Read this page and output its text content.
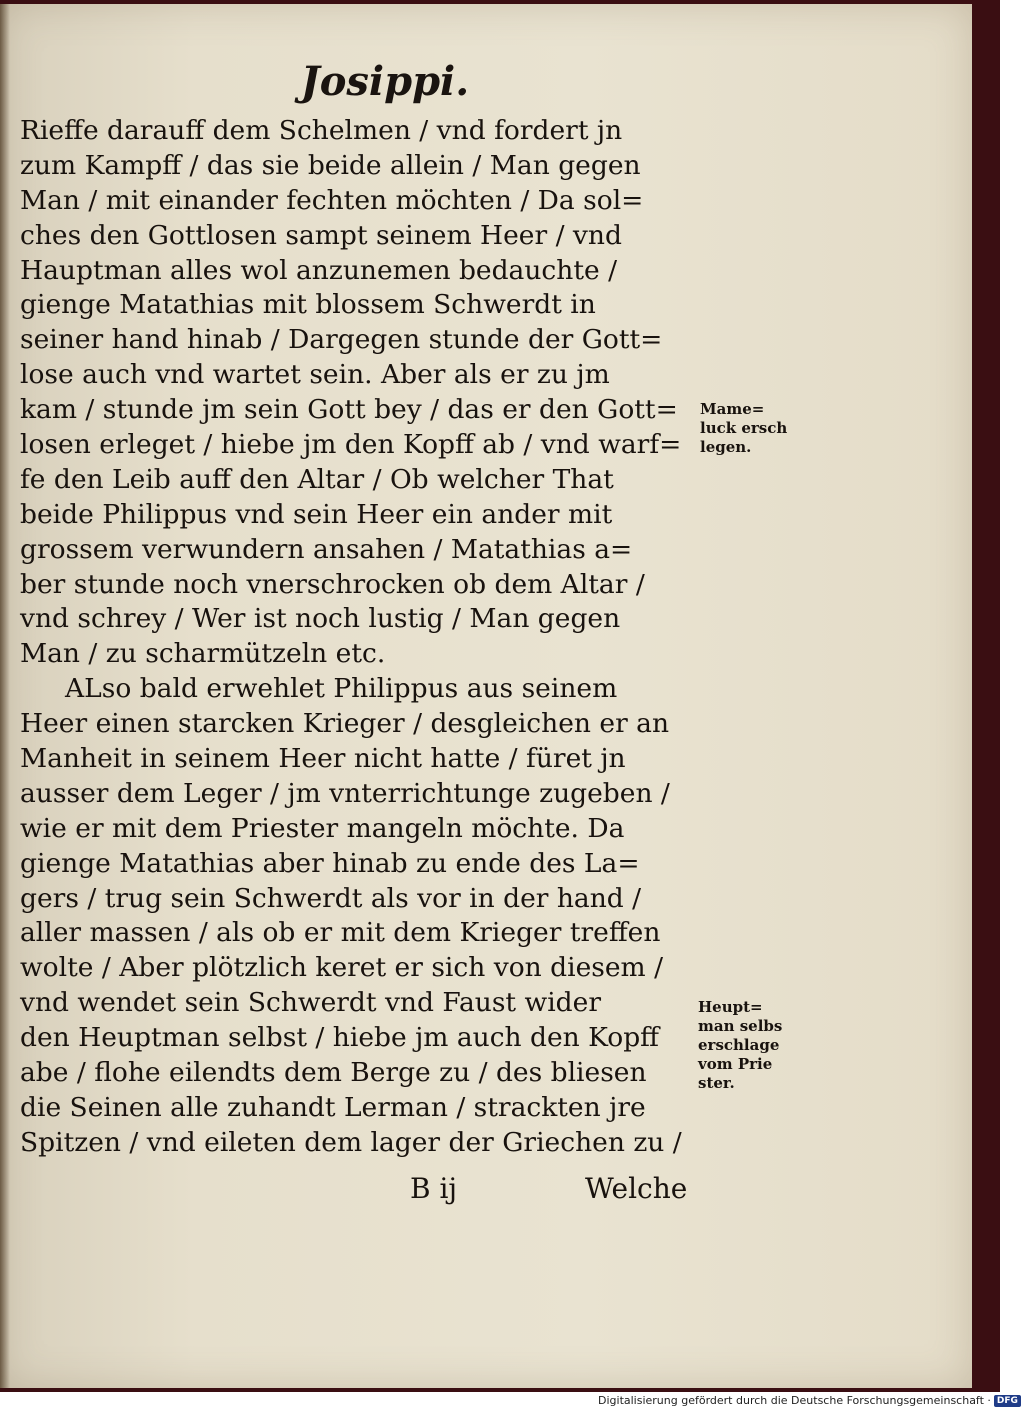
Josippi.
Rieffe darauff dem Schelmen / vnd fordert jn
zum Kampff / das sie beide allein / Man gegen
Man / mit einander fechten möchten / Da sol=
ches den Gottlosen sampt seinem Heer / vnd
Hauptman alles wol anzunemen bedauchte /
gienge Matathias mit blossem Schwerdt in
seiner hand hinab / Dargegen stunde der Gott=
lose auch vnd wartet sein. Aber als er zu jm
kam / stunde jm sein Gott bey / das er den Gott=
losen erleget / hiebe jm den Kopff ab / vnd warf=
fe den Leib auff den Altar / Ob welcher That
beide Philippus vnd sein Heer ein ander mit
grossem verwundern ansahen / Matathias a=
ber stunde noch vnerschrocken ob dem Altar /
vnd schrey / Wer ist noch lustig / Man gegen
Man / zu scharmützeln etc.
ALso bald erwehlet Philippus aus seinem
Heer einen starcken Krieger / desgleichen er an
Manheit in seinem Heer nicht hatte / füret jn
ausser dem Leger / jm vnterrichtunge zugeben /
wie er mit dem Priester mangeln möchte. Da
gienge Matathias aber hinab zu ende des La=
gers / trug sein Schwerdt als vor in der hand /
aller massen / als ob er mit dem Krieger treffen
wolte / Aber plötzlich keret er sich von diesem /
vnd wendet sein Schwerdt vnd Faust wider
den Heuptman selbst / hiebe jm auch den Kopff
abe / flohe eilendts dem Berge zu / des bliesen
die Seinen alle zuhandt Lerman / strackten jre
Spitzen / vnd eileten dem lager der Griechen zu /
Mame=
luck ersch
legen.
Heupt=
man selbs
erschlage
vom Prie
ster.
B ij	Welche
Digitalisierung gefördert durch die Deutsche Forschungsgemeinschaft · DFG
